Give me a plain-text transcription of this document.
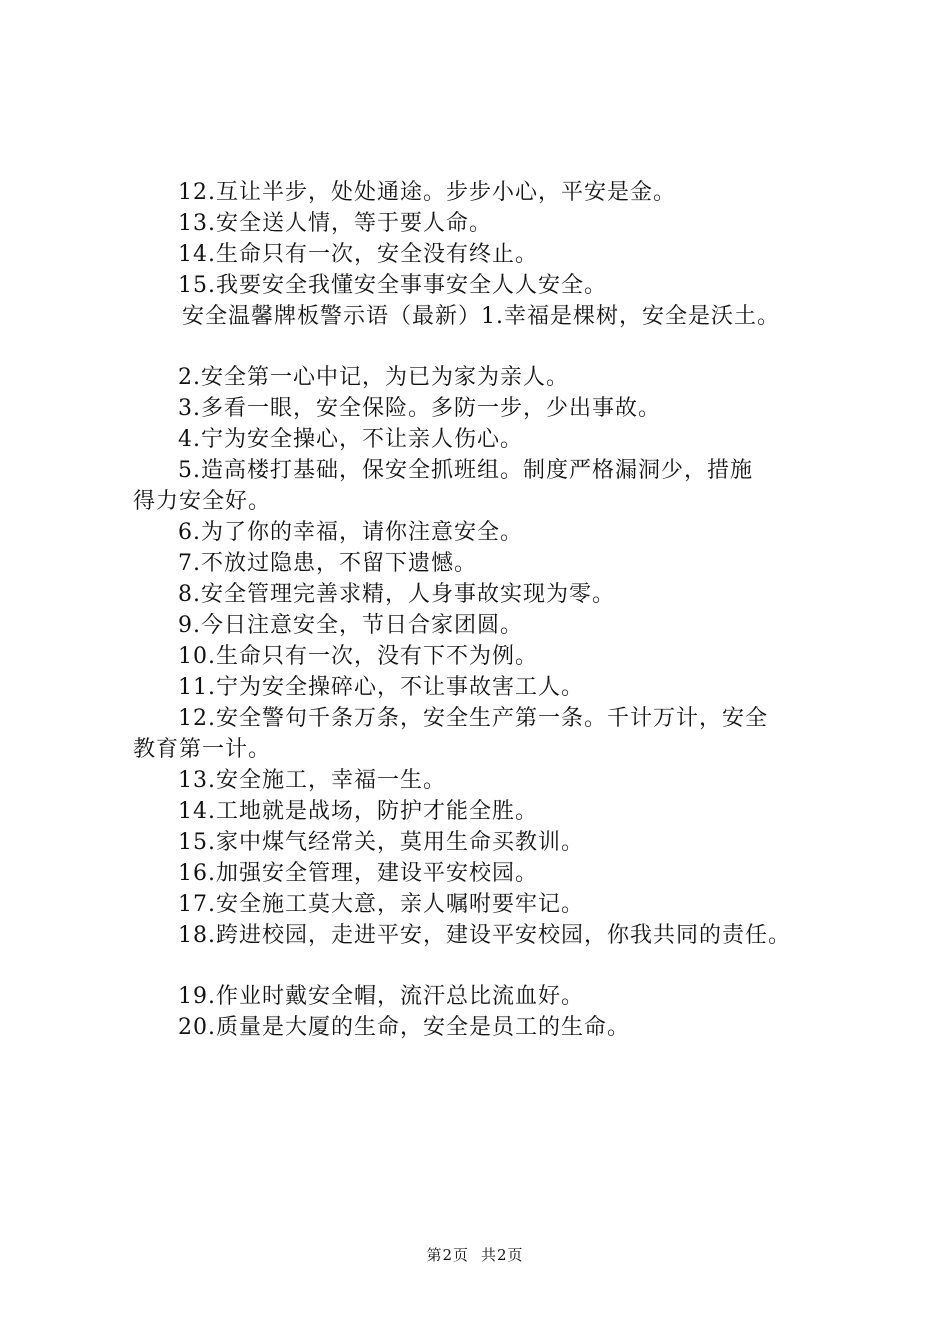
12.互让半步，处处通途。步步小心，平安是金。
13.安全送人情，等于要人命。
14.生命只有一次，安全没有终止。
15.我要安全我懂安全事事安全人人安全。
安全温馨牌板警示语（最新）1.幸福是棵树，安全是沃土。
2.安全第一心中记，为已为家为亲人。
3.多看一眼，安全保险。多防一步，少出事故。
4.宁为安全操心，不让亲人伤心。
5.造高楼打基础，保安全抓班组。制度严格漏洞少，措施
得力安全好。
6.为了你的幸福，请你注意安全。
7.不放过隐患，不留下遗憾。
8.安全管理完善求精，人身事故实现为零。
9.今日注意安全，节日合家团圆。
10.生命只有一次，没有下不为例。
11.宁为安全操碎心，不让事故害工人。
12.安全警句千条万条，安全生产第一条。千计万计，安全
教育第一计。
13.安全施工，幸福一生。
14.工地就是战场，防护才能全胜。
15.家中煤气经常关，莫用生命买教训。
16.加强安全管理，建设平安校园。
17.安全施工莫大意，亲人嘱咐要牢记。
18.跨进校园，走进平安，建设平安校园，你我共同的责任。
19.作业时戴安全帽，流汗总比流血好。
20.质量是大厦的生命，安全是员工的生命。
第2页 共2页
